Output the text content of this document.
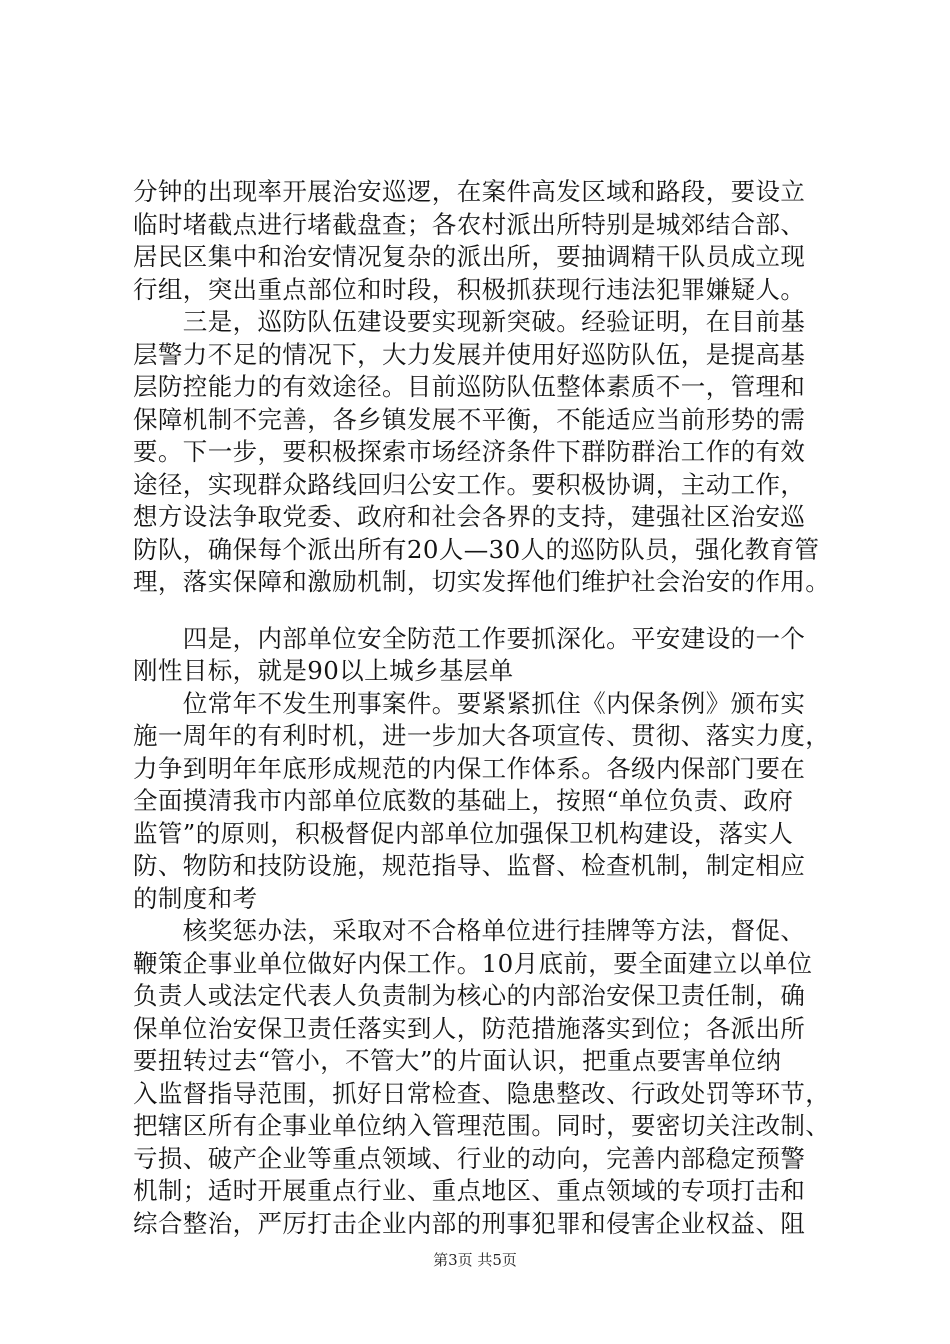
分钟的出现率开展治安巡逻，在案件高发区域和路段，要设立
临时堵截点进行堵截盘查；各农村派出所特别是城郊结合部、
居民区集中和治安情况复杂的派出所，要抽调精干队员成立现
行组，突出重点部位和时段，积极抓获现行违法犯罪嫌疑人。
　　三是，巡防队伍建设要实现新突破。经验证明，在目前基
层警力不足的情况下，大力发展并使用好巡防队伍，是提高基
层防控能力的有效途径。目前巡防队伍整体素质不一，管理和
保障机制不完善，各乡镇发展不平衡，不能适应当前形势的需
要。下一步，要积极探索市场经济条件下群防群治工作的有效
途径，实现群众路线回归公安工作。要积极协调，主动工作，
想方设法争取党委、政府和社会各界的支持，建强社区治安巡
防队，确保每个派出所有20人—30人的巡防队员，强化教育管
理，落实保障和激励机制，切实发挥他们维护社会治安的作用。
　　四是，内部单位安全防范工作要抓深化。平安建设的一个
刚性目标，就是90以上城乡基层单
　　位常年不发生刑事案件。要紧紧抓住《内保条例》颁布实
施一周年的有利时机，进一步加大各项宣传、贯彻、落实力度，
力争到明年年底形成规范的内保工作体系。各级内保部门要在
全面摸清我市内部单位底数的基础上，按照“单位负责、政府
监管”的原则，积极督促内部单位加强保卫机构建设，落实人
防、物防和技防设施，规范指导、监督、检查机制，制定相应
的制度和考
　　核奖惩办法，采取对不合格单位进行挂牌等方法，督促、
鞭策企事业单位做好内保工作。10月底前，要全面建立以单位
负责人或法定代表人负责制为核心的内部治安保卫责任制，确
保单位治安保卫责任落实到人，防范措施落实到位；各派出所
要扭转过去“管小，不管大”的片面认识，把重点要害单位纳
入监督指导范围，抓好日常检查、隐患整改、行政处罚等环节，
把辖区所有企事业单位纳入管理范围。同时，要密切关注改制、
亏损、破产企业等重点领域、行业的动向，完善内部稳定预警
机制；适时开展重点行业、重点地区、重点领域的专项打击和
综合整治，严厉打击企业内部的刑事犯罪和侵害企业权益、阻
第3页 共5页
